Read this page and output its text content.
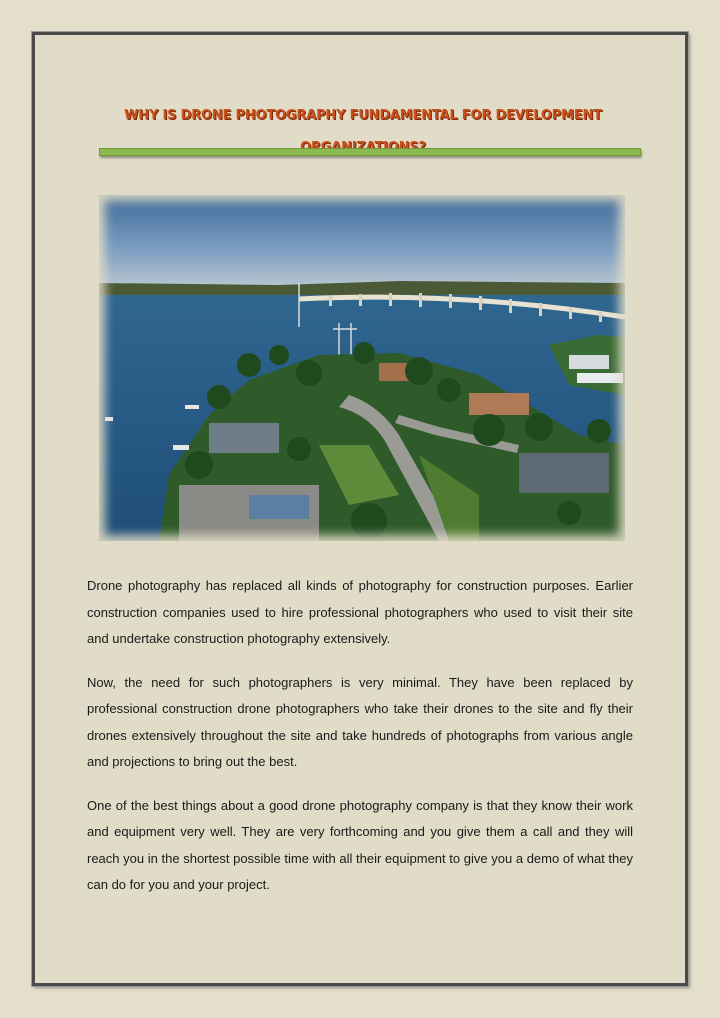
WHY IS DRONE PHOTOGRAPHY FUNDAMENTAL FOR DEVELOPMENT

Drone photography has replaced all kinds of photography for construction purposes. Earlier construction companies used to hire professional photographers who used to visit their site and undertake construction photography extensively.

Now, the need for such photographers is very minimal. They have been replaced by professional construction drone photographers who take their drones to the site and fly their drones extensively throughout the site and take hundreds of photographs from various angle and projections to bring out the best.

One of the best things about a good drone photography company is that they know their work and equipment very well. They are very forthcoming and you give them a call and they will reach you in the shortest possible time with all their equipment to give you a demo of what they can do for you and your project.
